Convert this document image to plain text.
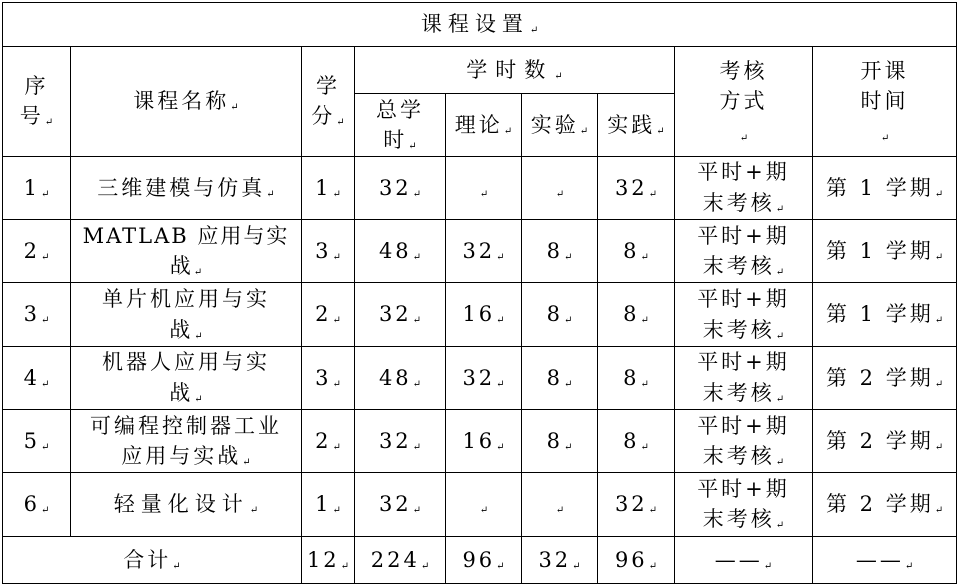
课程设置↵								
序号↵	课程名称↵	学分↵	学时数↵				考核方式↵	开课时间↵
			总学时↵	理论↵	实验↵	实践↵		
1↵	三维建模与仿真↵	1↵	32↵	↵	↵	32↵	平时+期末考核↵	第 1 学期↵
2↵	MATLAB 应用与实战↵	3↵	48↵	32↵	8↵	8↵	平时+期末考核↵	第 1 学期↵
3↵	单片机应用与实战↵	2↵	32↵	16↵	8↵	8↵	平时+期末考核↵	第 1 学期↵
4↵	机器人应用与实战↵	3↵	48↵	32↵	8↵	8↵	平时+期末考核↵	第 2 学期↵
5↵	可编程控制器工业应用与实战↵	2↵	32↵	16↵	8↵	8↵	平时+期末考核↵	第 2 学期↵
6↵	轻量化设计↵	1↵	32↵	↵	↵	32↵	平时+期末考核↵	第 2 学期↵
合计↵		12↵	224↵	96↵	32↵	96↵	——↵	——↵
